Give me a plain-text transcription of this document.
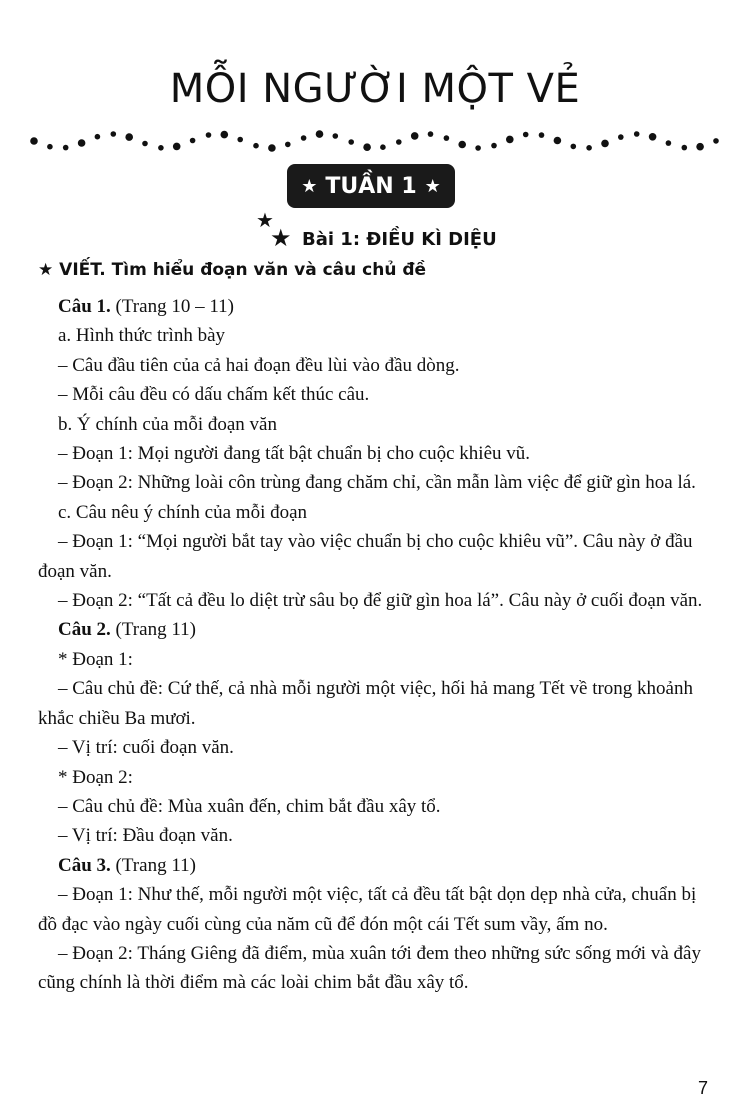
MỖI NGƯỜI MỘT VẺ
★ TUẦN 1 ★
★
★ Bài 1: ĐIỀU KÌ DIỆU
★ VIẾT. Tìm hiểu đoạn văn và câu chủ đề

Câu 1. (Trang 10 – 11)

a. Hình thức trình bày

– Câu đầu tiên của cả hai đoạn đều lùi vào đầu dòng.

– Mỗi câu đều có dấu chấm kết thúc câu.

b. Ý chính của mỗi đoạn văn

– Đoạn 1: Mọi người đang tất bật chuẩn bị cho cuộc khiêu vũ.

– Đoạn 2: Những loài côn trùng đang chăm chỉ, cần mẫn làm việc để giữ gìn hoa lá.

c. Câu nêu ý chính của mỗi đoạn

– Đoạn 1: “Mọi người bắt tay vào việc chuẩn bị cho cuộc khiêu vũ”. Câu này ở đầu đoạn văn.

– Đoạn 2: “Tất cả đều lo diệt trừ sâu bọ để giữ gìn hoa lá”. Câu này ở cuối đoạn văn.

Câu 2. (Trang 11)

* Đoạn 1:

– Câu chủ đề: Cứ thế, cả nhà mỗi người một việc, hối hả mang Tết về trong khoảnh khắc chiều Ba mươi.

– Vị trí: cuối đoạn văn.

* Đoạn 2:

– Câu chủ đề: Mùa xuân đến, chim bắt đầu xây tổ.

– Vị trí: Đầu đoạn văn.

Câu 3. (Trang 11)

– Đoạn 1: Như thế, mỗi người một việc, tất cả đều tất bật dọn dẹp nhà cửa, chuẩn bị đồ đạc vào ngày cuối cùng của năm cũ để đón một cái Tết sum vầy, ấm no.

– Đoạn 2: Tháng Giêng đã điểm, mùa xuân tới đem theo những sức sống mới và đây cũng chính là thời điểm mà các loài chim bắt đầu xây tổ.

7
